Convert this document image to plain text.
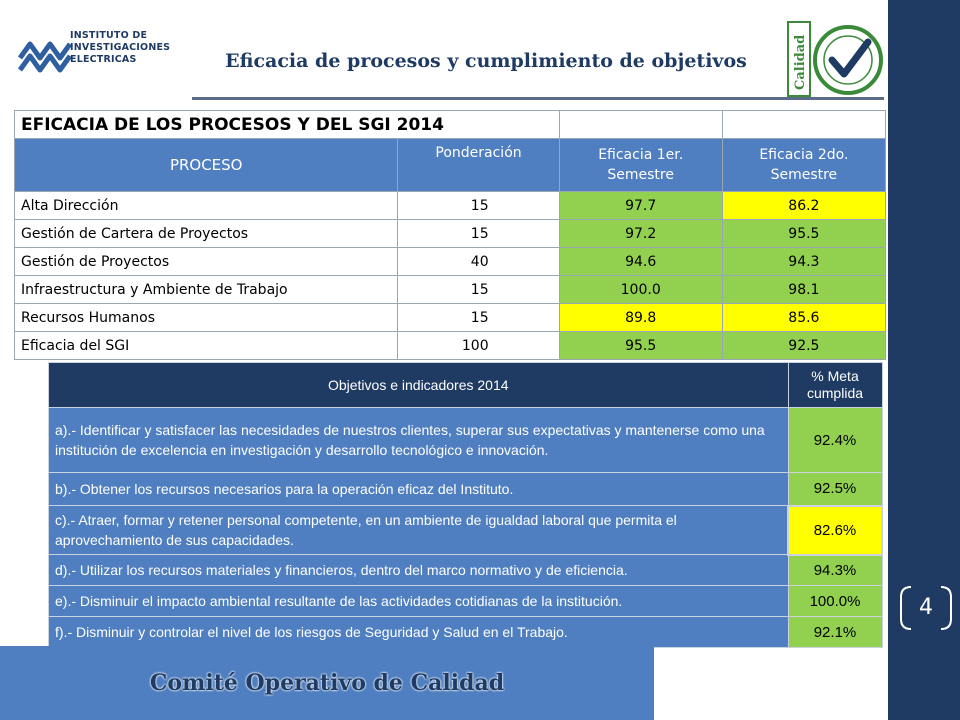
4
INSTITUTO DE
INVESTIGACIONES
ELECTRICAS	Eficacia de procesos y cumplimiento de objetivos	Calidad
EFICACIA DE LOS PROCESOS Y DEL SGI 2014			
PROCESO	Ponderación	Eficacia 1er. Semestre	Eficacia 2do. Semestre
Alta Dirección	15	97.7	86.2
Gestión de Cartera de Proyectos	15	97.2	95.5
Gestión de Proyectos	40	94.6	94.3
Infraestructura y Ambiente de Trabajo	15	100.0	98.1
Recursos Humanos	15	89.8	85.6
Eficacia del SGI	100	95.5	92.5
Objetivos e indicadores 2014	% Meta cumplida
a).- Identificar y satisfacer las necesidades de nuestros clientes, superar sus expectativas y mantenerse como una institución de excelencia en investigación y desarrollo tecnológico e innovación.	92.4%
b).- Obtener los recursos necesarios para la operación eficaz del Instituto.	92.5%
c).- Atraer, formar y retener personal competente, en un ambiente de igualdad laboral que permita el aprovechamiento de sus capacidades.	82.6%
d).- Utilizar los recursos materiales y financieros, dentro del marco normativo y de eficiencia.	94.3%
e).- Disminuir el impacto ambiental resultante de las actividades cotidianas de la institución.	100.0%
f).- Disminuir y controlar el nivel de los riesgos de Seguridad y Salud en el Trabajo.	92.1%
Comité Operativo de Calidad
